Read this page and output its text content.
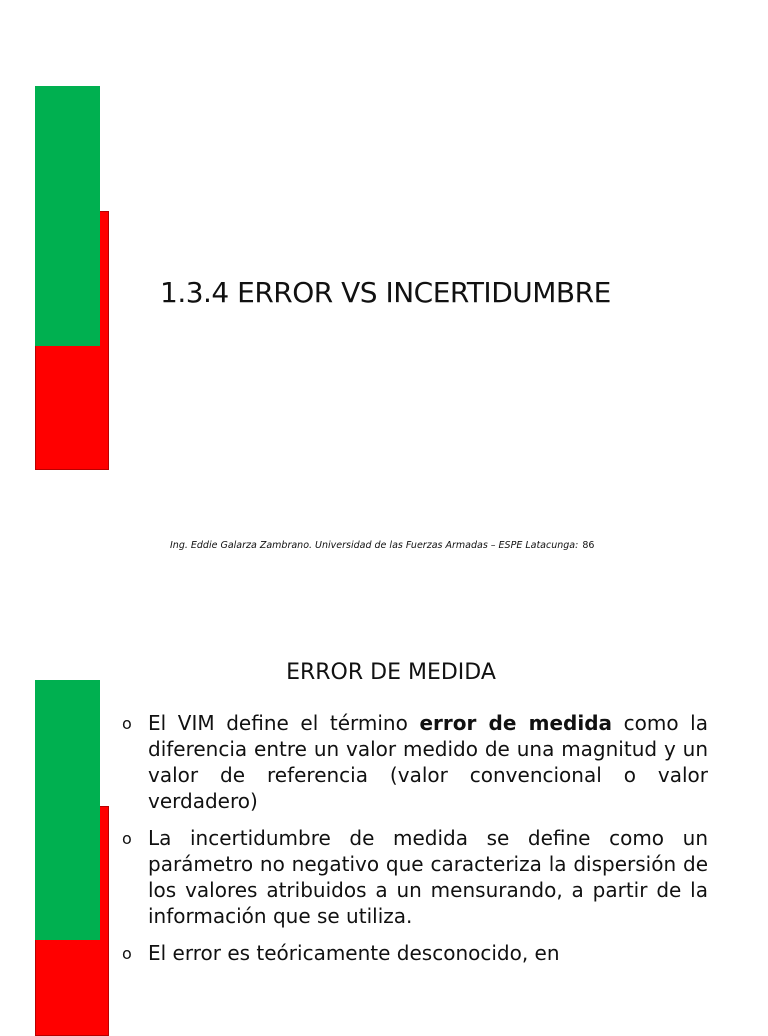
1.3.4 ERROR VS INCERTIDUMBRE
Ing. Eddie Galarza Zambrano. Universidad de las Fuerzas Armadas – ESPE Latacunga: 86
ERROR DE MEDIDA
o El VIM define el término error de medida como la diferencia entre un valor medido de una magnitud y un valor de referencia (valor convencional o valor verdadero)
o La incertidumbre de medida se define como un parámetro no negativo que caracteriza la dispersión de los valores atribuidos a un mensurando, a partir de la información que se utiliza.
o El error es teóricamente desconocido, en
